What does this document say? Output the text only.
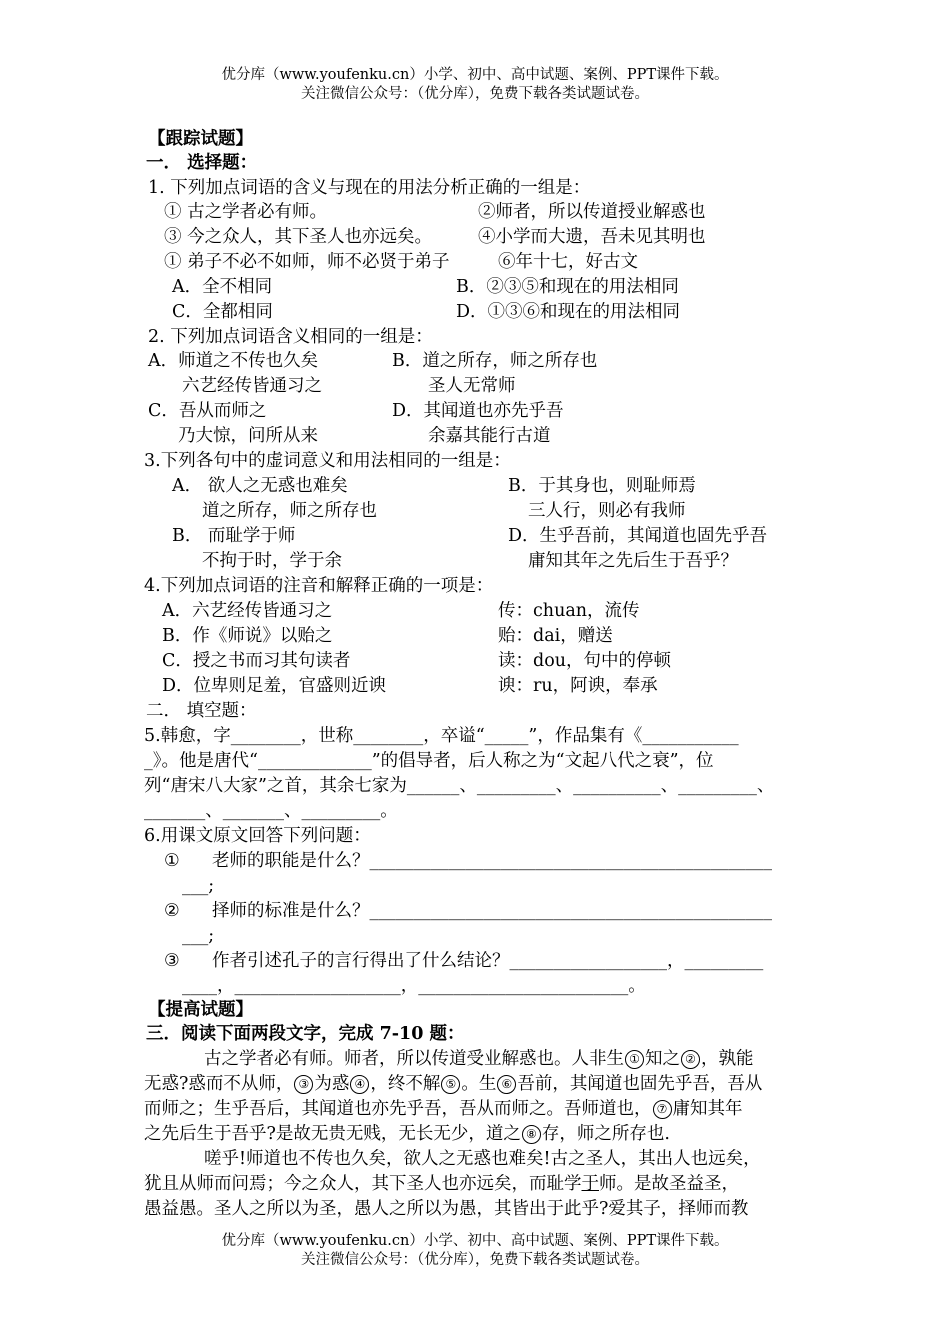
优分库（www.youfenku.cn）小学、初中、高中试题、案例、PPT课件下载。
关注微信公众号：（优分库），免费下载各类试题试卷。
【跟踪试题】
一． 选择题：
1. 下列加点词语的含义与现在的用法分析正确的一组是：
① 古之学者必有师。	②师者，所以传道授业解惑也
③ 今之众人，其下圣人也亦远矣。	④小学而大遗，吾未见其明也
① 弟子不必不如师，师不必贤于弟子	⑥年十七，好古文
A．全不相同	B．②③⑤和现在的用法相同
C．全都相同	D．①③⑥和现在的用法相同
2. 下列加点词语含义相同的一组是：
A．师道之不传也久矣
六艺经传皆通习之
B．道之所存，师之所存也
圣人无常师
C．吾从而师之
乃大惊，问所从来
D．其闻道也亦先乎吾
余嘉其能行古道
3.下列各句中的虚词意义和用法相同的一组是：
A． 欲人之无惑也难矣
道之所存，师之所存也
B．于其身也，则耻师焉
三人行，则必有我师
B． 而耻学于师
不拘于时，学于余
D．生乎吾前，其闻道也固先乎吾
庸知其年之先后生于吾乎？
4.下列加点词语的注音和解释正确的一项是：
A．六艺经传皆通习之	传：chuan，流传
B．作《师说》以贻之	贻：dai，赠送
C．授之书而习其句读者	读：dou，句中的停顿
D．位卑则足羞，官盛则近谀	谀：ru，阿谀，奉承
二． 填空题：
5.韩愈，字________，世称________，卒谥“_____”，作品集有《___________
_》。他是唐代“_____________”的倡导者，后人称之为“文起八代之衰”，位
列“唐宋八大家”之首，其余七家为______、_________、__________、_________、
_______、_______、_________。
6.用课文原文回答下列问题：
① 老师的职能是什么？______________________________________________
___;
② 择师的标准是什么？______________________________________________
___;
③ 作者引述孔子的言行得出了什么结论？__________________，_________
____，___________________，________________________。
【提高试题】
三．阅读下面两段文字，完成 7-10 题：
古之学者必有师。师者，所以传道受业解惑也。人非生 ① 知之 ② ，孰能
无惑?惑而不从师， ③ 为惑 ④ ，终不解 ⑤ 。生 ⑥ 吾前，其闻道也固先乎吾，吾从
而师之；生乎吾后，其闻道也亦先乎吾，吾从而师之。吾师道也， ⑦ 庸知其年
之先后生于吾乎?是故无贵无贱，无长无少，道之 ⑧ 存，师之所存也.
嗟乎!师道也不传也久矣，欲人之无惑也难矣!古之圣人，其出人也远矣，
犹且从师而问焉；今之众人，其下圣人也亦远矣，而耻学于师。是故圣益圣，
愚益愚。圣人之所以为圣，愚人之所以为愚，其皆出于此乎?爱其子，择师而教
优分库（www.youfenku.cn）小学、初中、高中试题、案例、PPT课件下载。
关注微信公众号：（优分库），免费下载各类试题试卷。
